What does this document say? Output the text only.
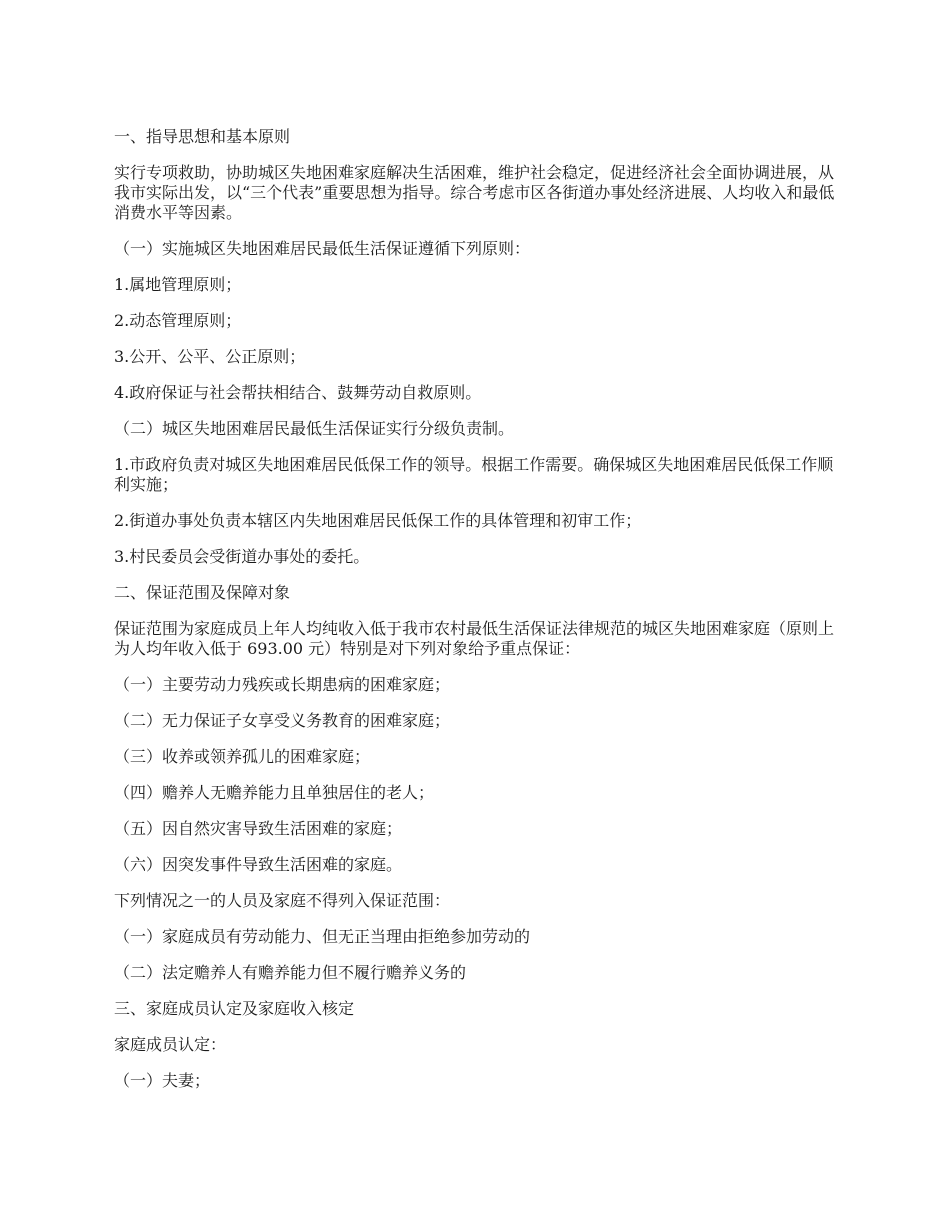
一、指导思想和基本原则

实行专项救助，协助城区失地困难家庭解决生活困难，维护社会稳定，促进经济社会全面协调进展，从我市实际出发，以“三个代表”重要思想为指导。综合考虑市区各街道办事处经济进展、人均收入和最低消费水平等因素。

（一）实施城区失地困难居民最低生活保证遵循下列原则：

1.属地管理原则；

2.动态管理原则；

3.公开、公平、公正原则；

4.政府保证与社会帮扶相结合、鼓舞劳动自救原则。

（二）城区失地困难居民最低生活保证实行分级负责制。

1.市政府负责对城区失地困难居民低保工作的领导。根据工作需要。确保城区失地困难居民低保工作顺利实施；

2.街道办事处负责本辖区内失地困难居民低保工作的具体管理和初审工作；

3.村民委员会受街道办事处的委托。

二、保证范围及保障对象

保证范围为家庭成员上年人均纯收入低于我市农村最低生活保证法律规范的城区失地困难家庭（原则上为人均年收入低于 693.00 元）特别是对下列对象给予重点保证：

（一）主要劳动力残疾或长期患病的困难家庭；

（二）无力保证子女享受义务教育的困难家庭；

（三）收养或领养孤儿的困难家庭；

（四）赡养人无赡养能力且单独居住的老人；

（五）因自然灾害导致生活困难的家庭；

（六）因突发事件导致生活困难的家庭。

下列情况之一的人员及家庭不得列入保证范围：

（一）家庭成员有劳动能力、但无正当理由拒绝参加劳动的

（二）法定赡养人有赡养能力但不履行赡养义务的

三、家庭成员认定及家庭收入核定

家庭成员认定：

（一）夫妻；
